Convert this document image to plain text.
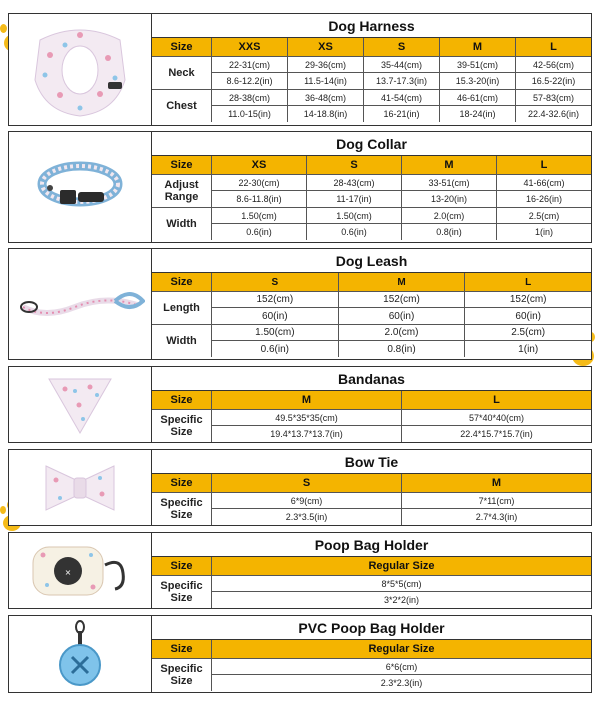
Dog Harness
Size	XXS	XS	S	M	L
Neck
22-31(cm)	29-36(cm)	35-44(cm)	39-51(cm)	42-56(cm)
8.6-12.2(in)	11.5-14(in)	13.7-17.3(in)	15.3-20(in)	16.5-22(in)
Chest
28-38(cm)	36-48(cm)	41-54(cm)	46-61(cm)	57-83(cm)
11.0-15(in)	14-18.8(in)	16-21(in)	18-24(in)	22.4-32.6(in)
Dog Collar
Size	XS	S	M	L
Adjust Range
22-30(cm)	28-43(cm)	33-51(cm)	41-66(cm)
8.6-11.8(in)	11-17(in)	13-20(in)	16-26(in)
Width
1.50(cm)	1.50(cm)	2.0(cm)	2.5(cm)
0.6(in)	0.6(in)	0.8(in)	1(in)
Dog Leash
Size	S	M	L
Length
152(cm)	152(cm)	152(cm)
60(in)	60(in)	60(in)
Width
1.50(cm)	2.0(cm)	2.5(cm)
0.6(in)	0.8(in)	1(in)
Bandanas
Size	M	L
Specific Size
49.5*35*35(cm)	57*40*40(cm)
19.4*13.7*13.7(in)	22.4*15.7*15.7(in)
Bow Tie
Size	S	M
Specific Size
6*9(cm)	7*11(cm)
2.3*3.5(in)	2.7*4.3(in)
×
Poop Bag Holder
Size	Regular Size
Specific Size
8*5*5(cm)
3*2*2(in)
PVC Poop Bag Holder
Size	Regular Size
Specific Size
6*6(cm)
2.3*2.3(in)
